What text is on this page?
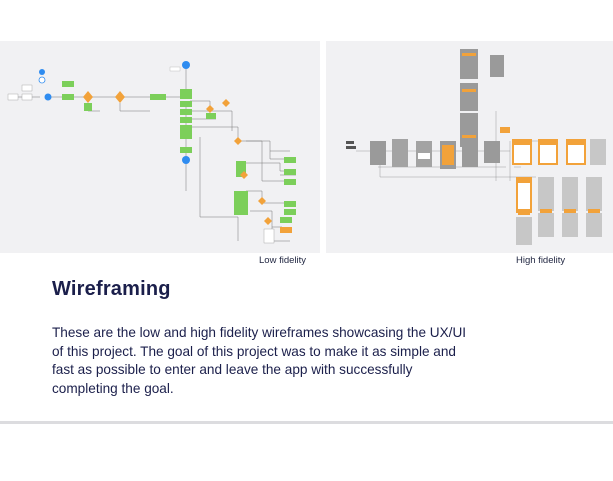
Low fidelity	High fidelity
Wireframing

These are the low and high fidelity wireframes showcasing the UX/UI of this project. The goal of this project was to make it as simple and fast as possible to enter and leave the app with successfully completing the goal.
